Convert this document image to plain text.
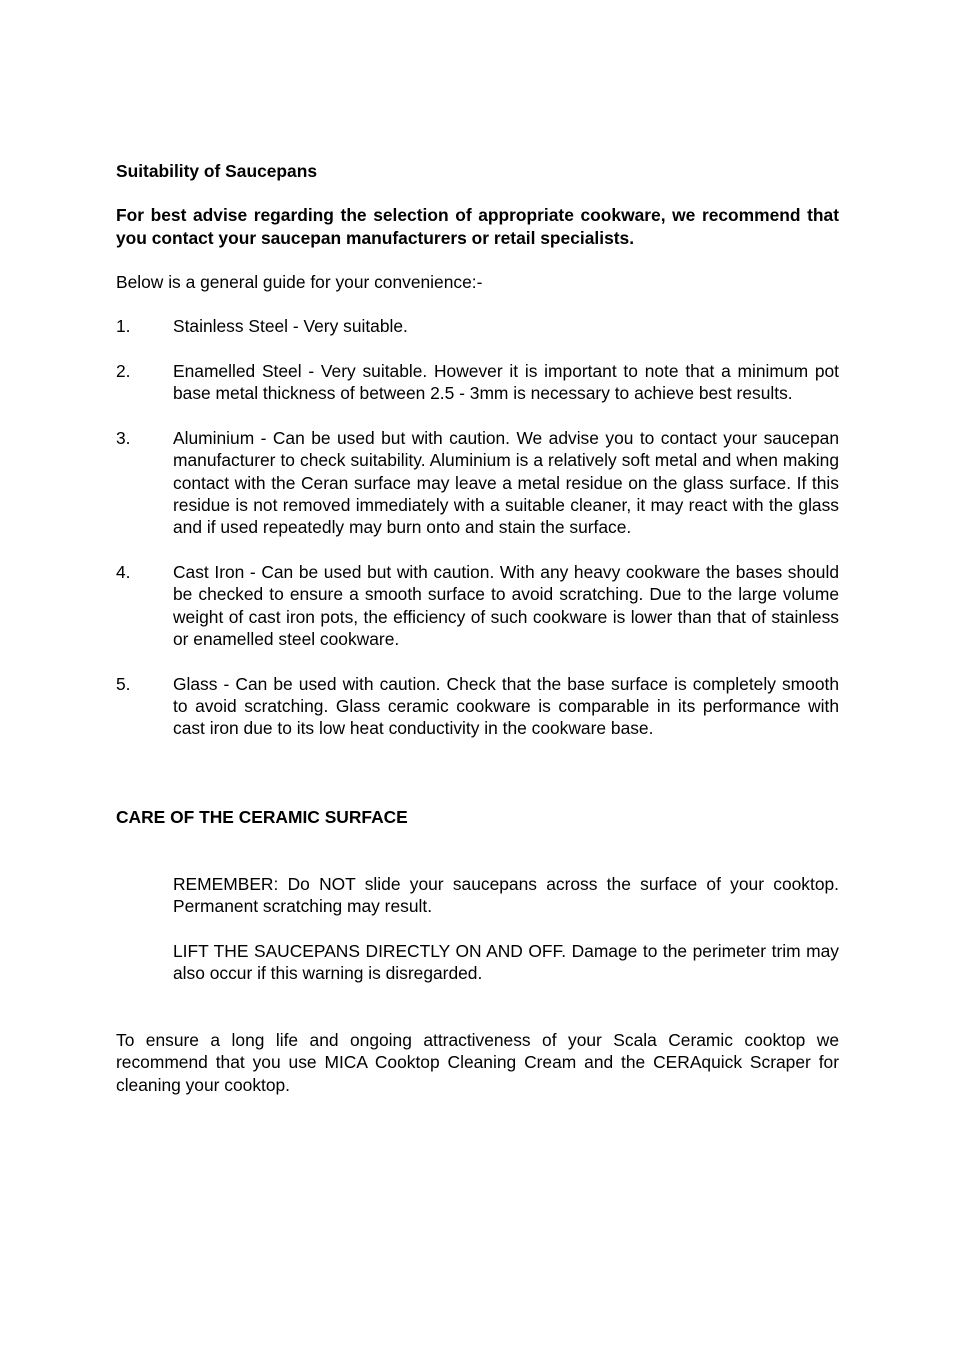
Suitability of Saucepans

For best advise regarding the selection of appropriate cookware, we recommend that you contact your saucepan manufacturers or retail specialists.

Below is a general guide for your convenience:-

1.	Stainless Steel - Very suitable.
2.	Enamelled Steel - Very suitable. However it is important to note that a minimum pot base metal thickness of between 2.5 - 3mm is necessary to achieve best results.
3.	Aluminium - Can be used but with caution. We advise you to contact your saucepan manufacturer to check suitability. Aluminium is a relatively soft metal and when making contact with the Ceran surface may leave a metal residue on the glass surface. If this residue is not removed immediately with a suitable cleaner, it may react with the glass and if used repeatedly may burn onto and stain the surface.
4.	Cast Iron - Can be used but with caution. With any heavy cookware the bases should be checked to ensure a smooth surface to avoid scratching. Due to the large volume weight of cast iron pots, the efficiency of such cookware is lower than that of stainless or enamelled steel cookware.
5.	Glass - Can be used with caution. Check that the base surface is completely smooth to avoid scratching. Glass ceramic cookware is comparable in its performance with cast iron due to its low heat conductivity in the cookware base.

CARE OF THE CERAMIC SURFACE

REMEMBER: Do NOT slide your saucepans across the surface of your cooktop. Permanent scratching may result.

LIFT THE SAUCEPANS DIRECTLY ON AND OFF. Damage to the perimeter trim may also occur if this warning is disregarded.

To ensure a long life and ongoing attractiveness of your Scala Ceramic cooktop we recommend that you use MICA Cooktop Cleaning Cream and the CERAquick Scraper for cleaning your cooktop.
